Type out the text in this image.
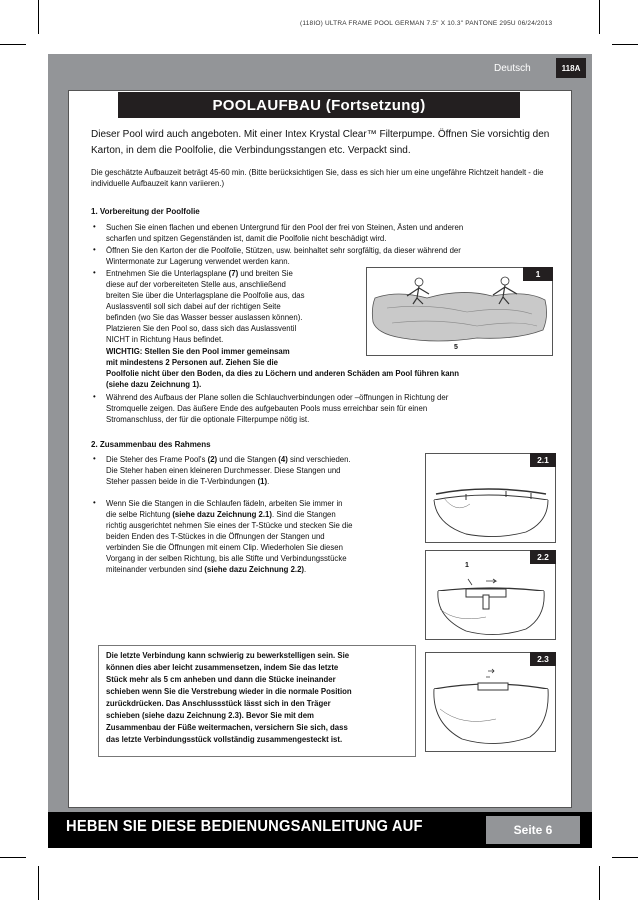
(118IO) ULTRA FRAME POOL GERMAN 7.5" X 10.3" PANTONE 295U 06/24/2013
Deutsch	118A
POOLAUFBAU (Fortsetzung)
Dieser Pool wird auch angeboten. Mit einer Intex Krystal Clear™ Filterpumpe. Öffnen Sie vorsichtig den Karton, in dem die Poolfolie, die Verbindungsstangen etc. Verpackt sind.
Die geschätzte Aufbauzeit beträgt 45-60 min. (Bitte berücksichtigen Sie, dass es sich hier um eine ungefähre Richtzeit handelt - die individuelle Aufbauzeit kann variieren.)
1. Vorbereitung der Poolfolie
• Suchen Sie einen flachen und ebenen Untergrund für den Pool der frei von Steinen, Ästen und anderen
scharfen und spitzen Gegenständen ist, damit die Poolfolie nicht beschädigt wird.
• Öffnen Sie den Karton der die Poolfolie, Stützen, usw. beinhaltet sehr sorgfältig, da dieser während der
Wintermonate zur Lagerung verwendet werden kann.
• Entnehmen Sie die Unterlagsplane (7) und breiten Sie
diese auf der vorbereiteten Stelle aus, anschließend
breiten Sie über die Unterlagsplane die Poolfolie aus, das
Auslassventil soll sich dabei auf der richtigen Seite
befinden (wo Sie das Wasser besser auslassen können).
Platzieren Sie den Pool so, dass sich das Auslassventil
NICHT in Richtung Haus befindet.
WICHTIG: Stellen Sie den Pool immer gemeinsam
mit mindestens 2 Personen auf. Ziehen Sie die
Poolfolie nicht über den Boden, da dies zu Löchern und anderen Schäden am Pool führen kann
(siehe dazu Zeichnung 1).
• Während des Aufbaus der Plane sollen die Schlauchverbindungen oder –öffnungen in Richtung der
Stromquelle zeigen. Das äußere Ende des aufgebauten Pools muss erreichbar sein für einen
Stromanschluss, der für die optionale Filterpumpe nötig ist.
1
5
2. Zusammenbau des Rahmens
• Die Steher des Frame Pool's (2) und die Stangen (4) sind verschieden.
Die Steher haben einen kleineren Durchmesser. Diese Stangen und
Steher passen beide in die T-Verbindungen (1).
• Wenn Sie die Stangen in die Schlaufen fädeln, arbeiten Sie immer in
die selbe Richtung (siehe dazu Zeichnung 2.1). Sind die Stangen
richtig ausgerichtet nehmen Sie eines der T-Stücke und stecken Sie die
beiden Enden des T-Stückes in die Öffnungen der Stangen und
verbinden Sie die Öffnungen mit einem Clip. Wiederholen Sie diesen
Vorgang in der selben Richtung, bis alle Stifte und Verbindungsstücke
miteinander verbunden sind (siehe dazu Zeichnung 2.2).
Die letzte Verbindung kann schwierig zu bewerkstelligen sein. Sie
können dies aber leicht zusammensetzen, indem Sie das letzte
Stück mehr als 5 cm anheben und dann die Stücke ineinander
schieben wenn Sie die Verstrebung wieder in die normale Position
zurückdrücken. Das Anschlussstück lässt sich in den Träger
schieben (siehe dazu Zeichnung 2.3). Bevor Sie mit dem
Zusammenbau der Füße weitermachen, versichern Sie sich, dass
das letzte Verbindungsstück vollständig zusammengesteckt ist.
2.1
2.2
1
2.3
HEBEN SIE DIESE BEDIENUNGSANLEITUNG AUF	Seite 6
